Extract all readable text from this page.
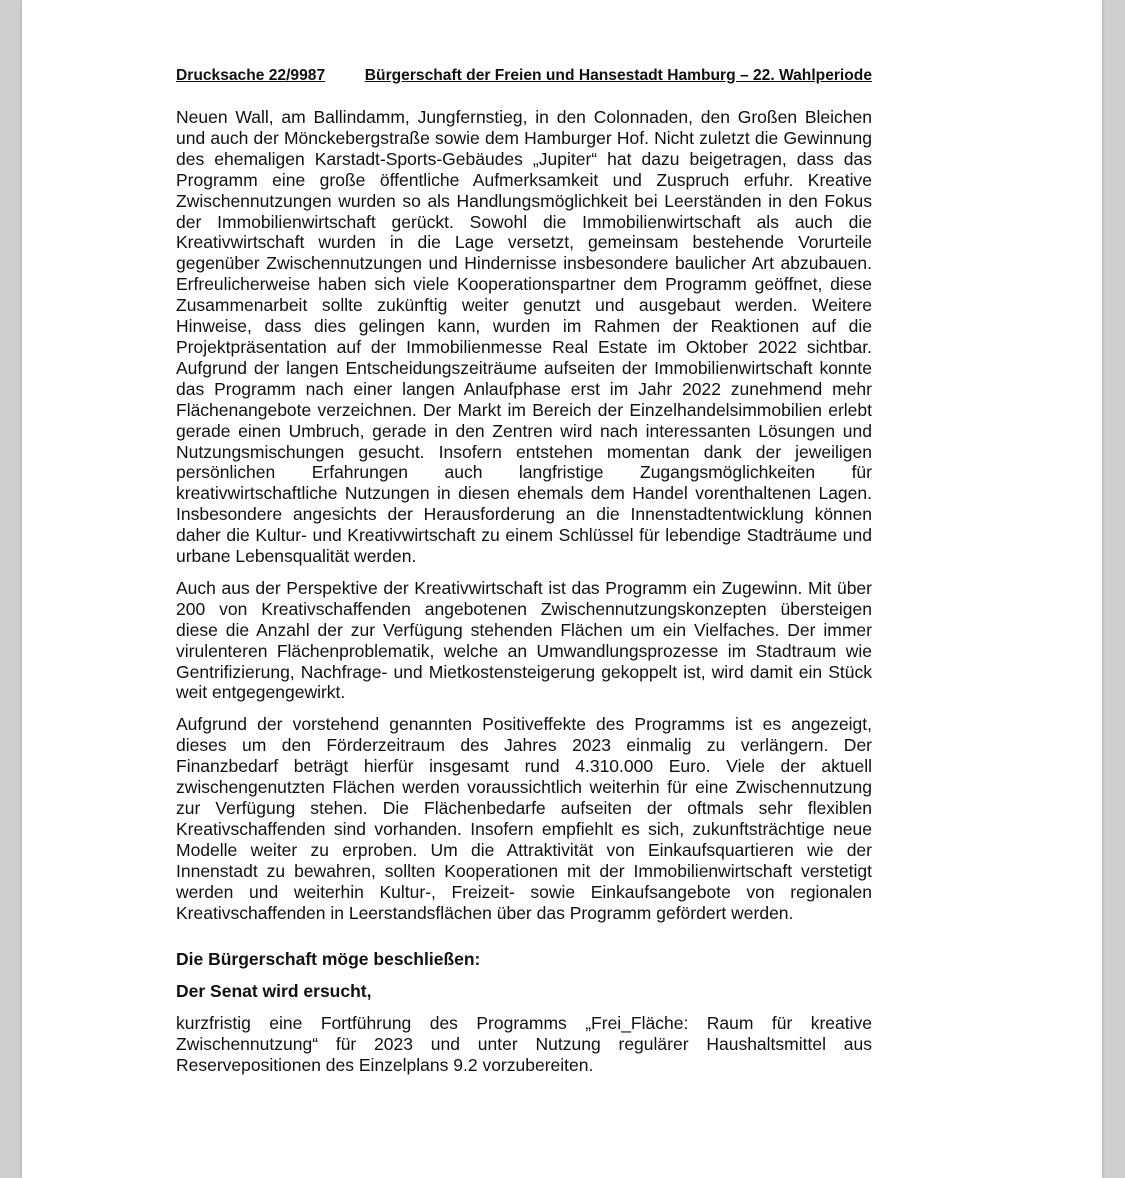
Drucksache 22/9987	Bürgerschaft der Freien und Hansestadt Hamburg – 22. Wahlperiode

Neuen Wall, am Ballindamm, Jungfernstieg, in den Colonnaden, den Großen Bleichen und auch der Mönckebergstraße sowie dem Hamburger Hof. Nicht zuletzt die Gewinnung des ehemaligen Karstadt-Sports-Gebäudes „Jupiter“ hat dazu beigetragen, dass das Programm eine große öffentliche Aufmerksamkeit und Zuspruch erfuhr. Kreative Zwischennutzungen wurden so als Handlungsmöglichkeit bei Leerständen in den Fokus der Immobilienwirtschaft gerückt. Sowohl die Immobilienwirtschaft als auch die Kreativwirtschaft wurden in die Lage versetzt, gemeinsam bestehende Vorurteile gegenüber Zwischennutzungen und Hindernisse insbesondere baulicher Art abzubauen. Erfreulicherweise haben sich viele Kooperationspartner dem Programm geöffnet, diese Zusammenarbeit sollte zukünftig weiter genutzt und ausgebaut werden. Weitere Hinweise, dass dies gelingen kann, wurden im Rahmen der Reaktionen auf die Projektpräsentation auf der Immobilienmesse Real Estate im Oktober 2022 sichtbar. Aufgrund der langen Entscheidungszeiträume aufseiten der Immobilienwirtschaft konnte das Programm nach einer langen Anlaufphase erst im Jahr 2022 zunehmend mehr Flächenangebote verzeichnen. Der Markt im Bereich der Einzelhandelsimmobilien erlebt gerade einen Umbruch, gerade in den Zentren wird nach interessanten Lösungen und Nutzungsmischungen gesucht. Insofern entstehen momentan dank der jeweiligen persönlichen Erfahrungen auch langfristige Zugangsmöglichkeiten für kreativwirtschaftliche Nutzungen in diesen ehemals dem Handel vorenthaltenen Lagen. Insbesondere angesichts der Herausforderung an die Innenstadtentwicklung können daher die Kultur- und Kreativwirtschaft zu einem Schlüssel für lebendige Stadträume und urbane Lebensqualität werden.

Auch aus der Perspektive der Kreativwirtschaft ist das Programm ein Zugewinn. Mit über 200 von Kreativschaffenden angebotenen Zwischennutzungskonzepten übersteigen diese die Anzahl der zur Verfügung stehenden Flächen um ein Vielfaches. Der immer virulenteren Flächenproblematik, welche an Umwandlungsprozesse im Stadtraum wie Gentrifizierung, Nachfrage- und Mietkostensteigerung gekoppelt ist, wird damit ein Stück weit entgegengewirkt.

Aufgrund der vorstehend genannten Positiveffekte des Programms ist es angezeigt, dieses um den Förderzeitraum des Jahres 2023 einmalig zu verlängern. Der Finanzbedarf beträgt hierfür insgesamt rund 4.310.000 Euro. Viele der aktuell zwischengenutzten Flächen werden voraussichtlich weiterhin für eine Zwischennutzung zur Verfügung stehen. Die Flächenbedarfe aufseiten der oftmals sehr flexiblen Kreativschaffenden sind vorhanden. Insofern empfiehlt es sich, zukunftsträchtige neue Modelle weiter zu erproben. Um die Attraktivität von Einkaufsquartieren wie der Innenstadt zu bewahren, sollten Kooperationen mit der Immobilienwirtschaft verstetigt werden und weiterhin Kultur-, Freizeit- sowie Einkaufsangebote von regionalen Kreativschaffenden in Leerstandsflächen über das Programm gefördert werden.

Die Bürgerschaft möge beschließen:

Der Senat wird ersucht,

kurzfristig eine Fortführung des Programms „Frei_Fläche: Raum für kreative Zwischennutzung“ für 2023 und unter Nutzung regulärer Haushaltsmittel aus Reservepositionen des Einzelplans 9.2 vorzubereiten.
